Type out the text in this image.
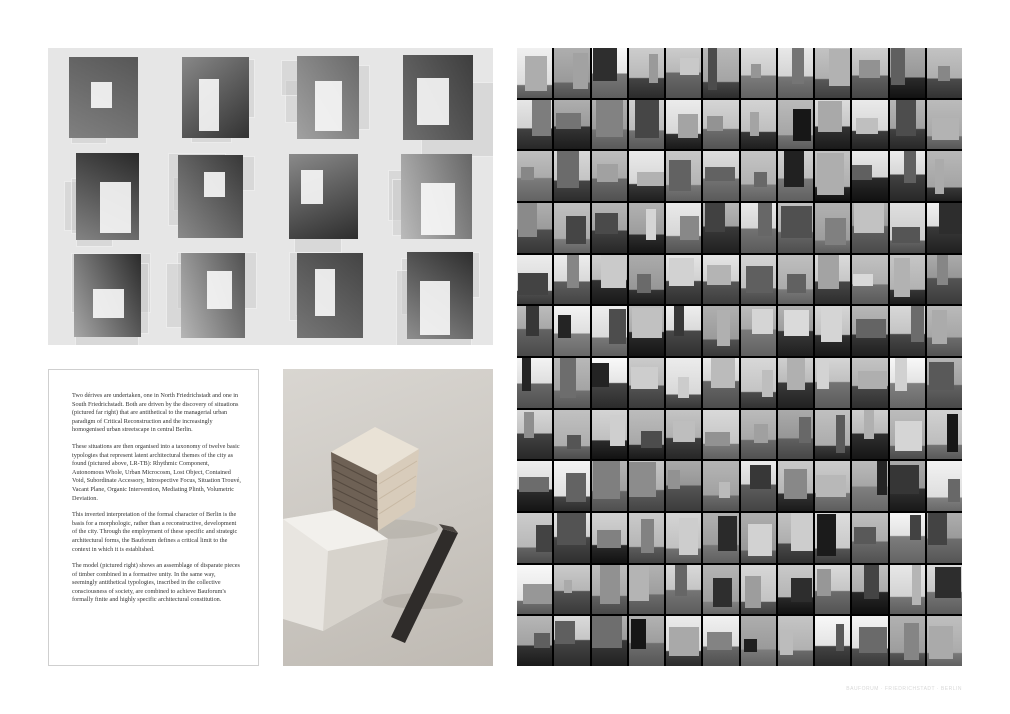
Two dérives are undertaken, one in North Friedrichstadt and one in South Friedrichstadt. Both are driven by the discovery of situations (pictured far right) that are antithetical to the managerial urban paradigm of Critical Reconstruction and the increasingly homogenised urban streetscape in central Berlin.

These situations are then organised into a taxonomy of twelve basic typologies that represent latent architectural themes of the city as found (pictured above, LR-TB): Rhythmic Component, Autonomous Whole, Urban Microcosm, Lost Object, Contained Void, Subordinate Accessory, Introspective Focus, Situation Trouvé, Vacant Plane, Organic Intervention, Mediating Plinth, Volumetric Deviation.

This inverted interpretation of the formal character of Berlin is the basis for a morphologic, rather than a reconstructive, development of the city. Through the employment of these specific and strategic architectural forms, the Bauforum defines a critical limit to the context in which it is established.

The model (pictured right) shows an assemblage of disparate pieces of timber combined in a formative unity. In the same way, seemingly antithetical typologies, inscribed in the collective consciousness of society, are combined to achieve Bauforum's formally finite and highly specific architectural constitution.

BAUFORUM · FRIEDRICHSTADT · BERLIN
